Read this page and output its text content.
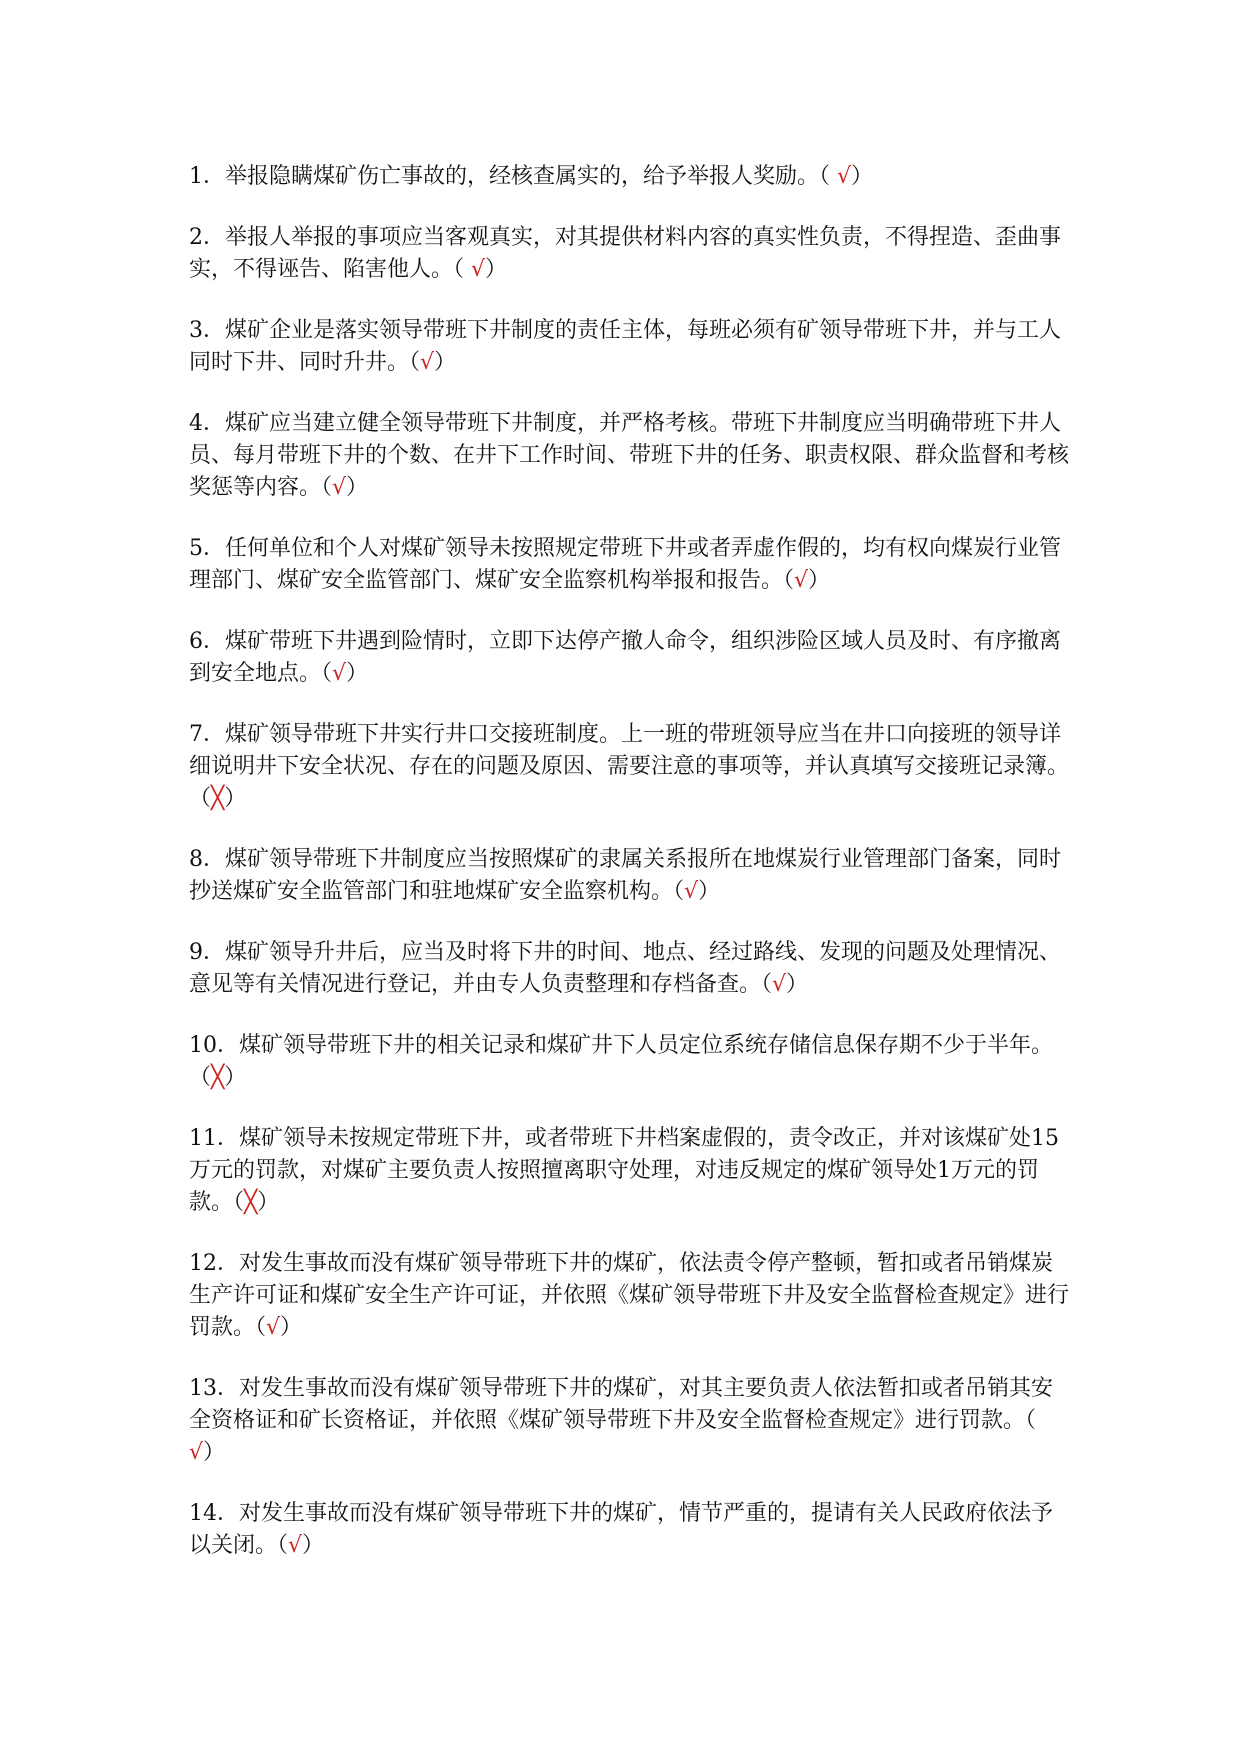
1．举报隐瞒煤矿伤亡事故的，经核查属实的，给予举报人奖励。（ √）

2．举报人举报的事项应当客观真实，对其提供材料内容的真实性负责，不得捏造、歪曲事实，不得诬告、陷害他人。（ √）

3．煤矿企业是落实领导带班下井制度的责任主体，每班必须有矿领导带班下井，并与工人同时下井、同时升井。（√）

4．煤矿应当建立健全领导带班下井制度，并严格考核。带班下井制度应当明确带班下井人员、每月带班下井的个数、在井下工作时间、带班下井的任务、职责权限、群众监督和考核奖惩等内容。（√）

5．任何单位和个人对煤矿领导未按照规定带班下井或者弄虚作假的，均有权向煤炭行业管理部门、煤矿安全监管部门、煤矿安全监察机构举报和报告。（√）

6．煤矿带班下井遇到险情时，立即下达停产撤人命令，组织涉险区域人员及时、有序撤离到安全地点。（√）

7．煤矿领导带班下井实行井口交接班制度。上一班的带班领导应当在井口向接班的领导详细说明井下安全状况、存在的问题及原因、需要注意的事项等，并认真填写交接班记录簿。（╳）

8．煤矿领导带班下井制度应当按照煤矿的隶属关系报所在地煤炭行业管理部门备案，同时抄送煤矿安全监管部门和驻地煤矿安全监察机构。（√）

9．煤矿领导升井后，应当及时将下井的时间、地点、经过路线、发现的问题及处理情况、意见等有关情况进行登记，并由专人负责整理和存档备查。（√）

10．煤矿领导带班下井的相关记录和煤矿井下人员定位系统存储信息保存期不少于半年。（╳）

11．煤矿领导未按规定带班下井，或者带班下井档案虚假的，责令改正，并对该煤矿处15万元的罚款，对煤矿主要负责人按照擅离职守处理，对违反规定的煤矿领导处1万元的罚款。（╳）

12．对发生事故而没有煤矿领导带班下井的煤矿，依法责令停产整顿，暂扣或者吊销煤炭生产许可证和煤矿安全生产许可证，并依照《煤矿领导带班下井及安全监督检查规定》进行罚款。（√）

13．对发生事故而没有煤矿领导带班下井的煤矿，对其主要负责人依法暂扣或者吊销其安全资格证和矿长资格证，并依照《煤矿领导带班下井及安全监督检查规定》进行罚款。（ √）

14．对发生事故而没有煤矿领导带班下井的煤矿，情节严重的，提请有关人民政府依法予以关闭。（√）
